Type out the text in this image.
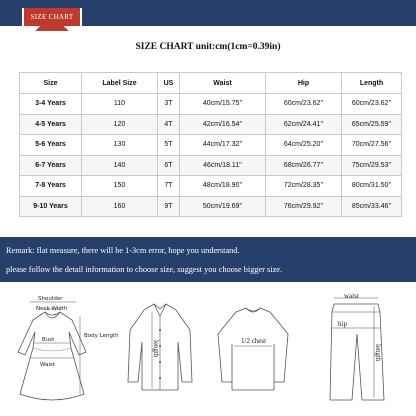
SIZE CHART
SIZE CHART unit:cm(1cm=0.39in)
Size	Label Size	US	Waist	Hip	Length
3-4 Years	110	3T	40cm/15.75''	60cm/23.62''	60cm/23.62''
4-5 Years	120	4T	42cm/16.54''	62cm/24.41''	65cm/25.59''
5-6 Years	130	5T	44cm/17.32''	64cm/25.20''	70cm/27.56''
6-7 Years	140	6T	46cm/18.11''	68cm/26.77''	75cm/29.53''
7-8 Years	150	7T	48cm/18.90''	72cm/28.35''	80cm/31.50''
9-10 Years	160	9T	50cm/19.69''	76cm/29.92''	85cm/33.46''
Remark: flat measure, there will be 1-3cm error, hope you understand.
please follow the detail information to choose size, suggest you choose bigger size.
Shoulder
Neck Width
Bust
Waist
Body Length
length	1/2 chest
waist
hip
length
